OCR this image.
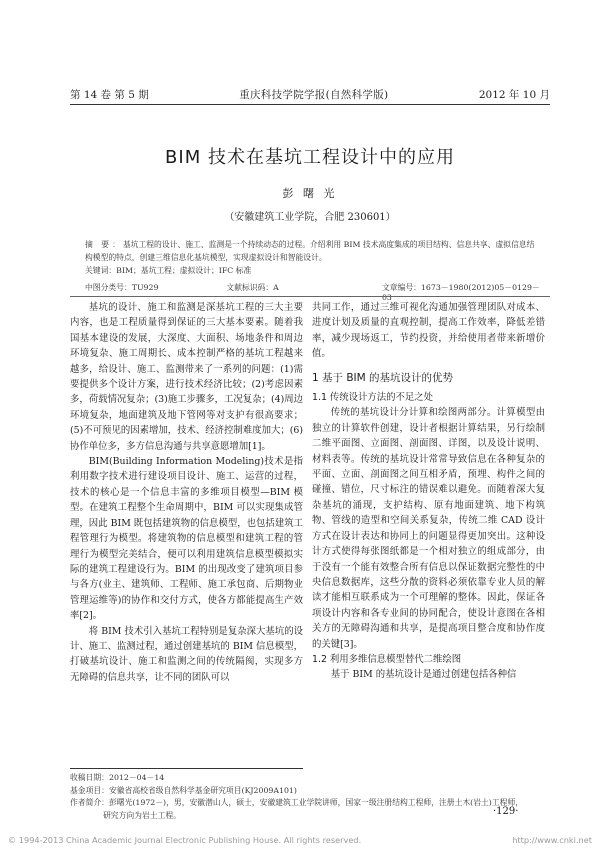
第 14 卷 第 5 期	重庆科技学院学报(自然科学版)	2012 年 10 月
BIM 技术在基坑工程设计中的应用
彭 曙 光
（安徽建筑工业学院，合肥 230601）
摘 要：基坑工程的设计、施工、监测是一个持续动态的过程。介绍利用 BIM 技术高度集成的项目结构、信息共享、虚拟信息结构模型的特点，创建三维信息化基坑模型，实现虚拟设计和智能设计。
关键词：BIM；基坑工程；虚拟设计；IFC 标准
中图分类号：TU929	文献标识码：A	文章编号：1673－1980(2012)05－0129－03

基坑的设计、施工和监测是深基坑工程的三大主要内容，也是工程质量得到保证的三大基本要素。随着我国基本建设的发展，大深度、大面积、场地条件和周边环境复杂、施工周期长、成本控制严格的基坑工程越来越多，给设计、施工、监测带来了一系列的问题：(1)需要提供多个设计方案，进行技术经济比较；(2)考虑因素多，荷载情况复杂；(3)施工步骤多，工况复杂；(4)周边环境复杂，地面建筑及地下管网等对支护有很高要求；(5)不可预见的因素增加，技术、经济控制难度加大；(6)协作单位多，多方信息沟通与共享意愿增加[1]。

BIM(Building Information Modeling)技术是指利用数字技术进行建设项目设计、施工、运营的过程，技术的核心是一个信息丰富的多维项目模型—BIM 模型。在建筑工程整个生命周期中，BIM 可以实现集成管理，因此 BIM 既包括建筑物的信息模型，也包括建筑工程管理行为模型。将建筑物的信息模型和建筑工程的管理行为模型完美结合，便可以利用建筑信息模型模拟实际的建筑工程建设行为。BIM 的出现改变了建筑项目参与各方(业主、建筑师、工程师、施工承包商、后期物业管理运维等)的协作和交付方式，使各方都能提高生产效率[2]。

将 BIM 技术引入基坑工程特别是复杂深大基坑的设计、施工、监测过程，通过创建基坑的 BIM 信息模型，打破基坑设计、施工和监测之间的传统隔阂，实现多方无障碍的信息共享，让不同的团队可以

共同工作，通过三维可视化沟通加强管理团队对成本、进度计划及质量的直观控制，提高工作效率，降低差错率，减少现场返工，节约投资，并给使用者带来新增价值。
1 基于 BIM 的基坑设计的优势
1.1 传统设计方法的不足之处

传统的基坑设计分计算和绘图两部分。计算模型由独立的计算软件创建，设计者根据计算结果，另行绘制二维平面图、立面图、剖面图、详图，以及设计说明、材料表等。传统的基坑设计常常导致信息在各种复杂的平面、立面、剖面图之间互相矛盾，预埋、构件之间的碰撞、错位，尺寸标注的错误难以避免。而随着深大复杂基坑的涌现，支护结构、原有地面建筑、地下构筑物、管线的造型和空间关系复杂，传统二维 CAD 设计方式在设计表达和协同上的问题显得更加突出。这种设计方式使得每张图纸都是一个相对独立的组成部分，由于没有一个能有效整合所有信息以保证数据完整性的中央信息数据库，这些分散的资料必须依靠专业人员的解读才能相互联系成为一个可理解的整体。因此，保证各项设计内容和各专业间的协同配合，使设计意图在各相关方的无障碍沟通和共享，是提高项目整合度和协作度的关键[3]。

1.2 利用多维信息模型替代二维绘图

基于 BIM 的基坑设计是通过创建包括各种信

收稿日期：2012－04－14
基金项目：安徽省高校省级自然科学基金研究项目(KJ2009A101)
作者简介：彭曙光(1972－)，男，安徽潜山人，硕士，安徽建筑工业学院讲师，国家一级注册结构工程师，注册土木(岩土)工程师，
研究方向为岩土工程。	·129·
© 1994-2013 China Academic Journal Electronic Publishing House. All rights reserved.	http://www.cnki.net
